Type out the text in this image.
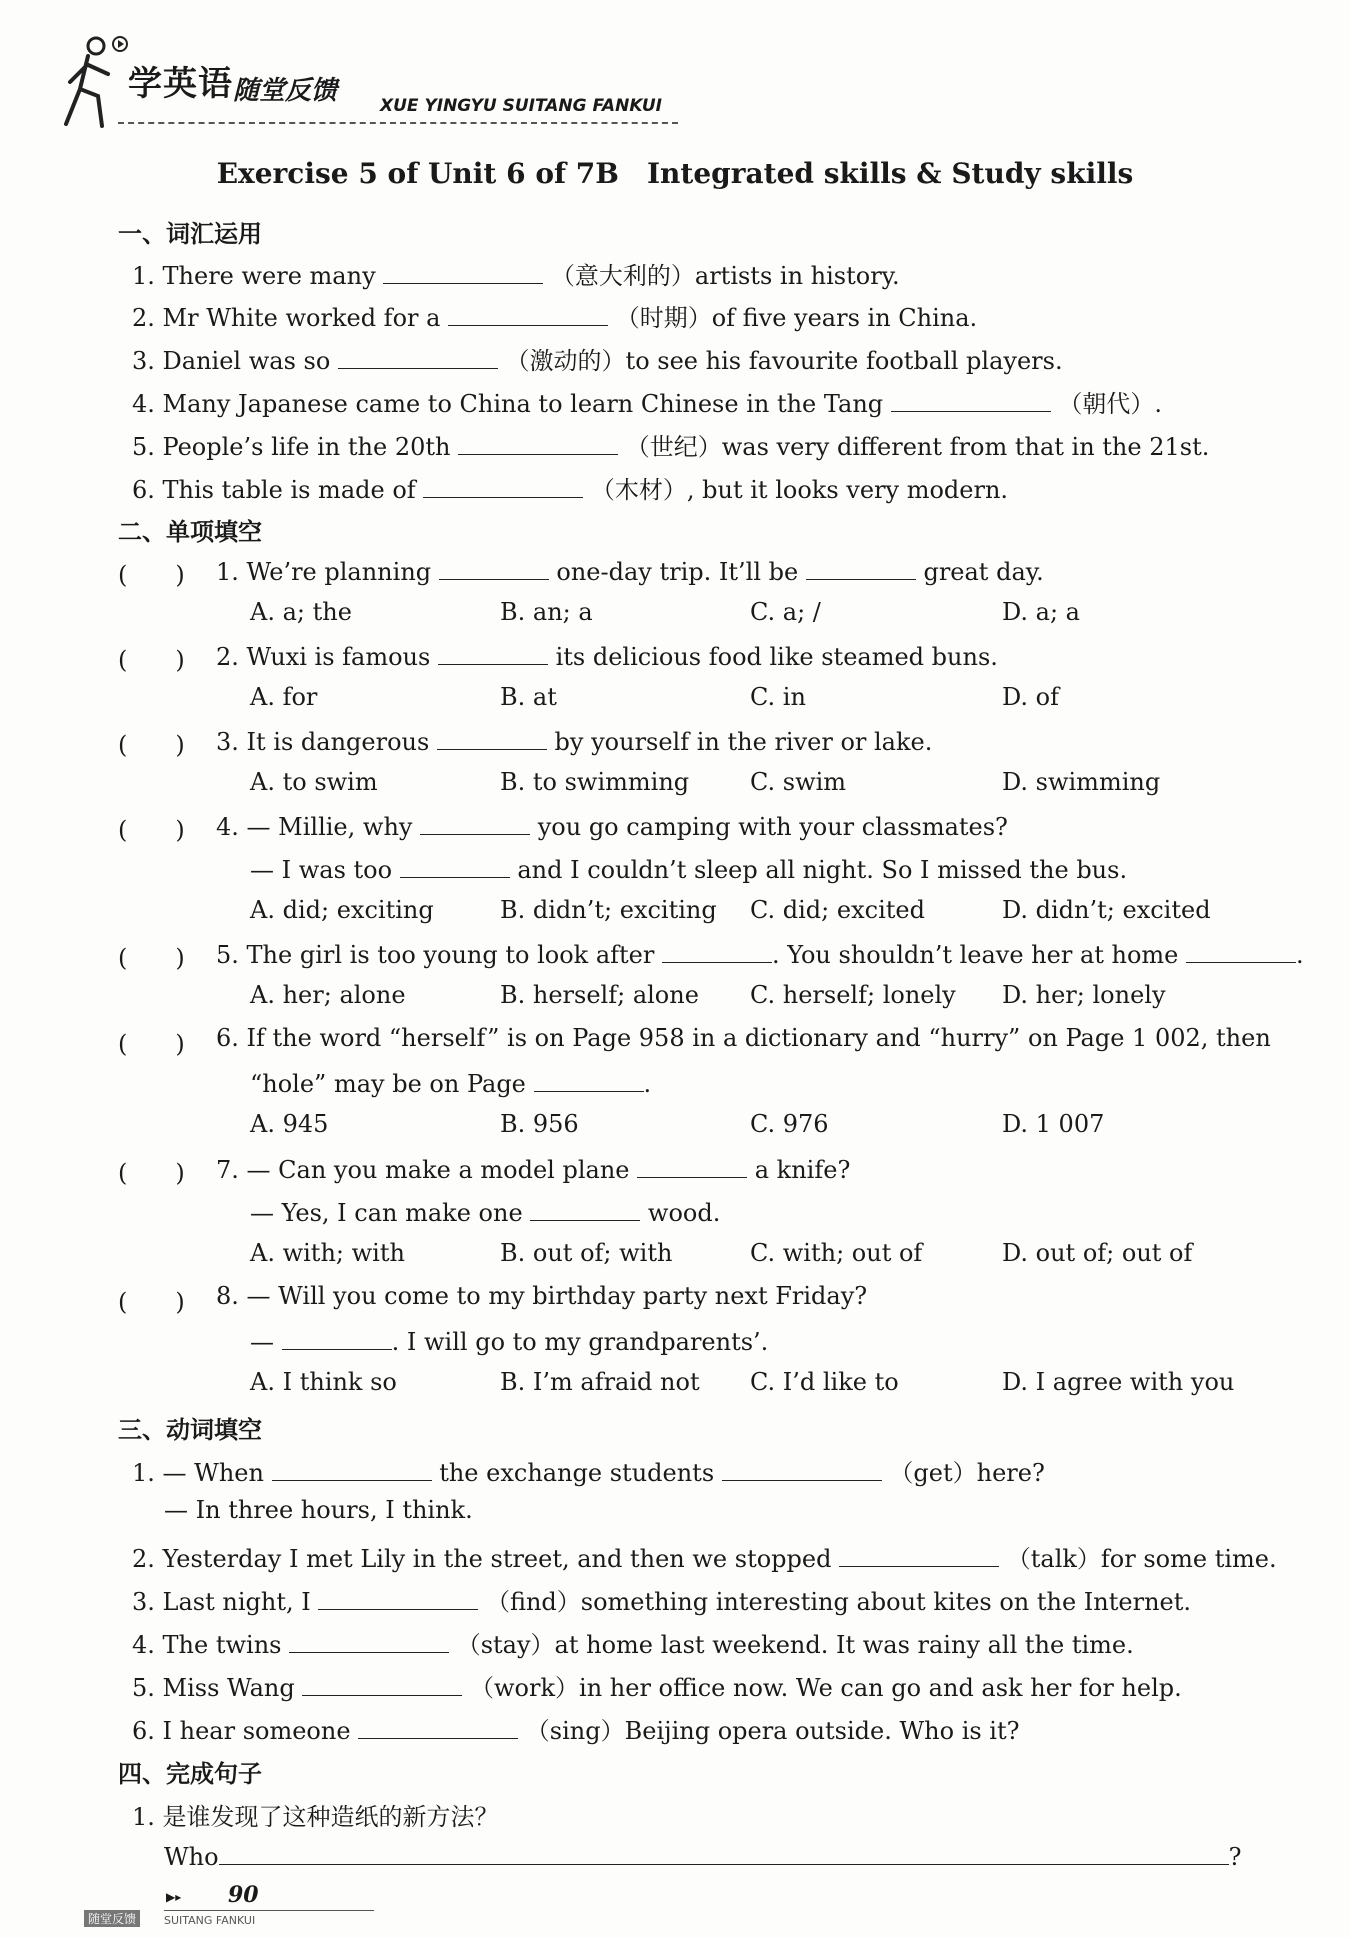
学英语 随堂反馈	XUE YINGYU SUITANG FANKUI
Exercise 5 of Unit 6 of 7B　Integrated skills & Study skills
一、词汇运用
1. There were many	（意大利的）artists in history.
2. Mr White worked for a	（时期）of five years in China.
3. Daniel was so	（激动的）to see his favourite football players.
4. Many Japanese came to China to learn Chinese in the Tang	（朝代）.
5. People’s life in the 20th	（世纪）was very different from that in the 21st.
6. This table is made of	（木材）, but it looks very modern.
二、单项填空
(　　) 1. We’re planning	one-day trip. It’ll be	great day.
A. a; the	B. an; a	C. a; /	D. a; a
(　　) 2. Wuxi is famous	its delicious food like steamed buns.
A. for	B. at	C. in	D. of
(　　) 3. It is dangerous	by yourself in the river or lake.
A. to swim	B. to swimming	C. swim	D. swimming
(　　) 4. — Millie, why	you go camping with your classmates?
— I was too	and I couldn’t sleep all night. So I missed the bus.
A. did; exciting	B. didn’t; exciting C. did; excited	D. didn’t; excited
(　　) 5. The girl is too young to look after	. You shouldn’t leave her at home	.
A. her; alone	B. herself; alone C. herself; lonely D. her; lonely
(　　) 6. If the word “herself” is on Page 958 in a dictionary and “hurry” on Page 1 002, then
“hole” may be on Page	.
A. 945	B. 956	C. 976	D. 1 007
(　　) 7. — Can you make a model plane	a knife?
— Yes, I can make one	wood.
A. with; with	B. out of; with	C. with; out of	D. out of; out of
(　　) 8. — Will you come to my birthday party next Friday?
—	. I will go to my grandparents’.
A. I think so	B. I’m afraid not C. I’d like to	D. I agree with you
三、动词填空
1. — When	the exchange students	（get）here?
— In three hours, I think.
2. Yesterday I met Lily in the street, and then we stopped	（talk）for some time.
3. Last night, I	（find）something interesting about kites on the Internet.
4. The twins	（stay）at home last weekend. It was rainy all the time.
5. Miss Wang	（work）in her office now. We can go and ask her for help.
6. I hear someone	（sing）Beijing opera outside. Who is it?
四、完成句子
1. 是谁发现了这种造纸的新方法？
Who	?
▶▸ 90
随堂反馈	SUITANG FANKUI
